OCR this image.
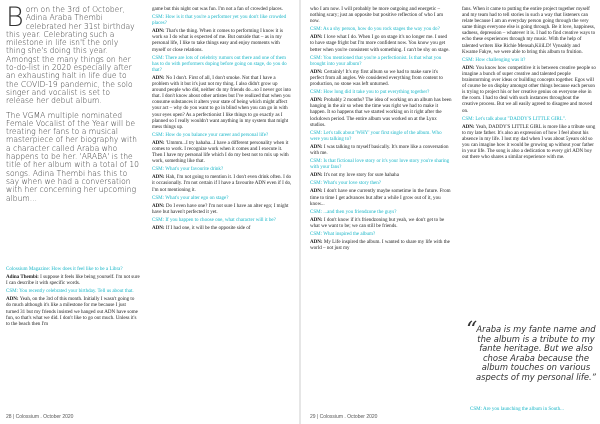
Born on the 3rd of October, Adina Araba Thembi celebrated her 31st birthday this year. Celebrating such a milestone in life isn't the only thing she's doing this year. Amongst the many things on her to-do-list in 2020 especially after an exhausting halt in life due to the COVID-19 pandemic, the solo singer and vocalist is set to release her debut album.

The VGMA multiple nominated Female Vocalist of the Year will be treating her fans to a musical masterpiece of her biography with a character called Araba who happens to be her. 'ARABA' is the title of her album with a total of 10 songs. Adina Thembi has this to say when we had a conversation with her concerning her upcoming album...

Colossium Magazine: How does it feel like to be a Libra?

Adina Thembi: I suppose it feels like being yourself. I'm not sure I can describe it with specific words.

CSM: You recently celebrated your birthday. Tell us about that.

ADN: Yeah, on the 3rd of this month. Initially I wasn't going to do much although it's like a milestone for me because I just turned 31 but my friends insisted we hanged out ADN have some fun, so that's what we did. I don't like to go out much. Unless it's to the beach then I'm

game but this night out was fun. I'm not a fan of crowded places.

CSM: How is it that you're a performer yet you don't like crowded places?

ADN: That's the thing. When it comes to performing I know it is work so I do what is expected of me. But outside that – as in my personal life, I like to take things easy and enjoy moments with myself or close relations.

CSM: There are lots of celebrity rumors out there and one of them has to do with performers doping before going on stage, do you do that?

ADN: No I don't. First of all, I don't smoke. Not that I have a problem with it but it's just not my thing. I also didn't grow up around people who did, neither do my friends do...so I never got into that. I don't know about other artistes but I've realized that when you consume substances it alters your state of being which might affect your act – why do you want to go in blind when you can go in with your eyes open? As a perfectionist I like things to go exactly as I planned so I really wouldn't want anything in my system that might mess things up.

CSM: How do you balance your career and personal life?

ADN: 'Ummm...I try hahaha...I have a different personality when it comes to work. I recognize work when it comes and I execute it. Then I have my personal life which I do my best not to mix up with work, something like that.

CSM: What's your favourite drink?

ADN: Hah, I'm not going to mention it. I don't even drink often. I do it occasionally. I'm not certain if I have a favourite ADN even if I do, I'm not mentioning it.

CSM: What's your alter ego on stage?

ADN: Do I even have one? I'm not sure I have an alter ego; I might have but haven't perfected it yet.

CSM: If you happen to choose one, what character will it be?

ADN: If I had one, it will be the opposite side of

28 | Colossium . October 2020

who I am now. I will probably be more outgoing and energetic – nothing scary; just an opposite but positive reflection of who I am now.

CSM: As a shy person, how do you rock stages the way you do?

ADN: I love what I do. When I go on stage it's no longer me. I used to have stage fright but I'm more confident now. You know you get better when you're consistent with something. I can't be shy on stage.

CSM: You mentioned that you're a perfectionist. Is that what you brought into your album?

ADN: Certainly! It's my first album so we had to make sure it's perfect from all angles. We considered everything from content to production, no stone was left unturned.

CSM: How long did it take you to put everything together?

ADN: Probably 2 months? The idea of working on an album has been hanging in the air so when the time was right we had to make it happen. It so happens that we started working on it right after the lockdown period. The entire album was worked on at the Lynx studios.

CSM: Let's talk about 'WHY' your first single of the album. Who were you talking to?

ADN: I was talking to myself basically. It's more like a conversation with me.

CSM: Is that fictional love story or it's your love story you're sharing with your fans?

ADN: It's not my love story for sure hahaha

CSM: What's your love story then?

ADN: I don't have one currently maybe sometime in the future. From time to time I get advances but after a while I grow out of it, you know...

CSM: ...and then you friendzone the guys?

ADN: I don't know if it's friendzoning but yeah, we don't get to be what we want to be; we can still be friends.

CSM: What inspired the album?

ADN: My Life inspired the album. I wanted to share my life with the world – not just my

fans. When it came to putting the entire project together myself and my team had to tell stories in such a way that listeners can relate because I am an everyday person going through the very same things everyone else is going through. Be it love, happiness, sadness, depression – whatever it is. I had to find creative ways to echo these experiences through my music. With the help of talented writers like Richie Mensah,KiiiLD! Vynsaldy and Kwame Fakye, we were able to bring this album to fruition.

CSM: How challenging was it?

ADN: You know how competitive it is between creative people so imagine a bunch of super creative and talented people brainstorming over ideas or building concepts together. Egos will of course be on display amongst other things because each person is trying to project his or her creative genius on everyone else in the room. I had to deal with such instances throughout the creative process. But we all easily agreed to disagree and moved on.

CSM: Let's talk about "DADDY'S LITTLE GIRL".

ADN: Yeah, DADDY'S LITTLE GIRL is more like a tribute song to my late father. It's also an expression of how I feel about his absence in my life. I lost my dad when I was about 5years old so you can imagine how it would be growing up without your father in your life. The song is also a dedication to every girl ADN boy out there who shares a similar experience with me.

“ Araba is my fante name and the album is a tribute to my fante heritage. But we also chose Araba because the album touches on various aspects of my personal life.”
CSM: Are you launching the album in South...
29 | Colossium . October 2020
